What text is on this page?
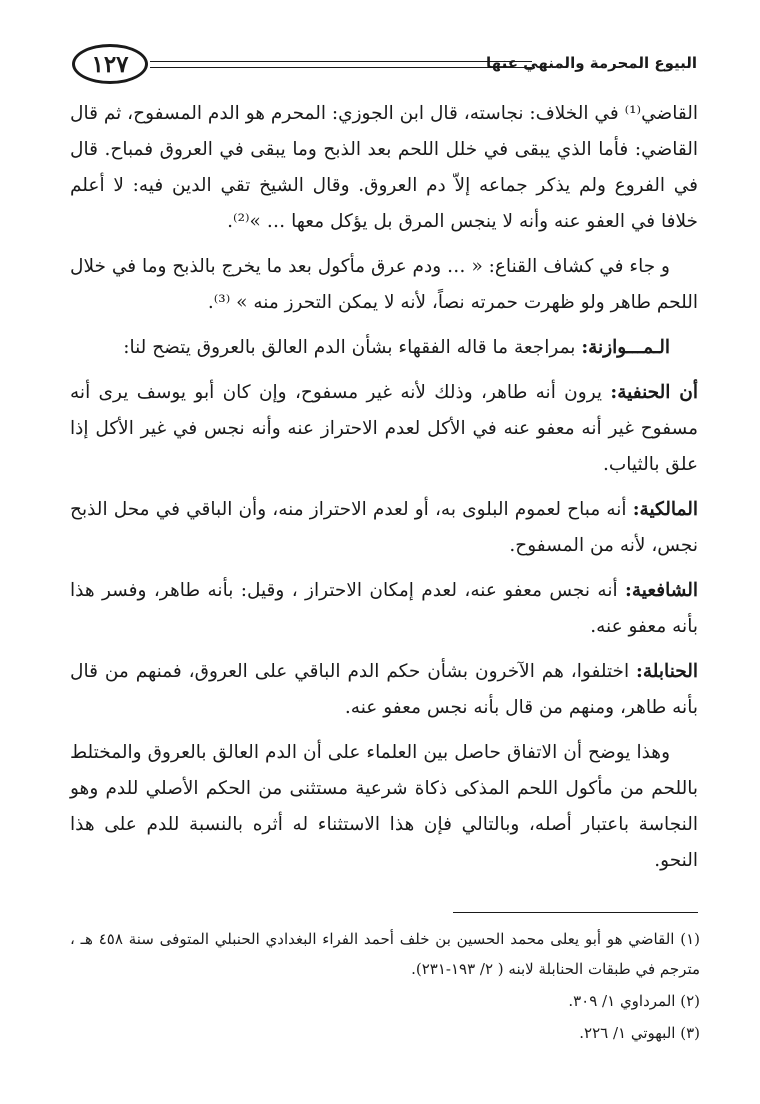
١٢٧	البيوع المحرمة والمنهي عنها

القاضي⁽¹⁾ في الخلاف: نجاسته، قال ابن الجوزي: المحرم هو الدم المسفوح، ثم قال القاضي: فأما الذي يبقى في خلل اللحم بعد الذبح وما يبقى في العروق فمباح. قال في الفروع ولم يذكر جماعه إلاّ دم العروق. وقال الشيخ تقي الدين فيه: لا أعلم خلافا في العفو عنه وأنه لا ينجس المرق بل يؤكل معها … »⁽²⁾.

و جاء في كشاف القناع: « … ودم عرق مأكول بعد ما يخرج بالذبح وما في خلال اللحم طاهر ولو ظهرت حمرته نصاً، لأنه لا يمكن التحرز منه » ⁽³⁾.

الـمـــوازنة: بمراجعة ما قاله الفقهاء بشأن الدم العالق بالعروق يتضح لنا:

أن الحنفية: يرون أنه طاهر، وذلك لأنه غير مسفوح، وإن كان أبو يوسف يرى أنه مسفوح غير أنه معفو عنه في الأكل لعدم الاحتراز عنه وأنه نجس في غير الأكل إذا علق بالثياب.

المالكية: أنه مباح لعموم البلوى به، أو لعدم الاحتراز منه، وأن الباقي في محل الذبح نجس، لأنه من المسفوح.

الشافعية: أنه نجس معفو عنه، لعدم إمكان الاحتراز ، وقيل: بأنه طاهر، وفسر هذا بأنه معفو عنه.

الحنابلة: اختلفوا، هم الآخرون بشأن حكم الدم الباقي على العروق، فمنهم من قال بأنه طاهر، ومنهم من قال بأنه نجس معفو عنه.

وهذا يوضح أن الاتفاق حاصل بين العلماء على أن الدم العالق بالعروق والمختلط باللحم من مأكول اللحم المذكى ذكاة شرعية مستثنى من الحكم الأصلي للدم وهو النجاسة باعتبار أصله، وبالتالي فإن هذا الاستثناء له أثره بالنسبة للدم على هذا النحو.

(١) القاضي هو أبو يعلى محمد الحسين بن خلف أحمد الفراء البغدادي الحنبلي المتوفى سنة ٤٥٨ هـ ، مترجم في طبقات الحنابلة لابنه ( ٢/ ١٩٣-٢٣١).

(٢) المرداوي ١/ ٣٠٩.

(٣) البهوتي ١/ ٢٢٦.
